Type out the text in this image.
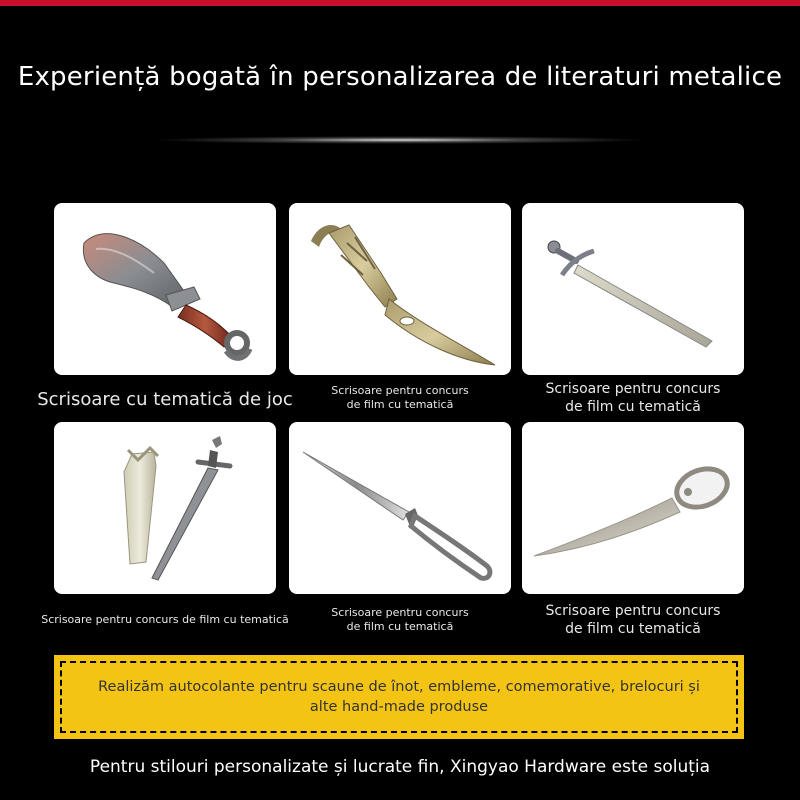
Experiență bogată în personalizarea de literaturi metalice
Scrisoare cu tematică de joc	Scrisoare pentru concurs
de film cu tematică
Scrisoare pentru concurs
de film cu tematică
Scrisoare pentru concurs de film cu tematică
Scrisoare pentru concurs
de film cu tematică
Scrisoare pentru concurs
de film cu tematică
Realizăm autocolante pentru scaune de înot, embleme, comemorative, brelocuri și
alte hand-made produse
Pentru stilouri personalizate și lucrate fin, Xingyao Hardware este soluția
